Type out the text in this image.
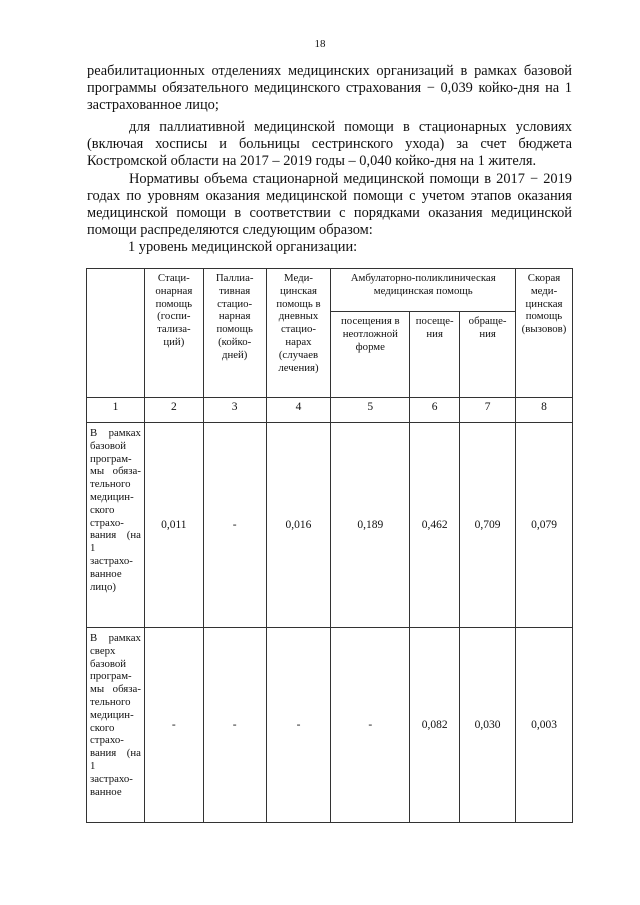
18

реабилитационных отделениях медицинских организаций в рамках базовой программы обязательного медицинского страхования − 0,039 койко-дня на 1 застрахованное лицо;

для паллиативной медицинской помощи в стационарных условиях (включая хосписы и больницы сестринского ухода) за счет бюджета Костромской области на 2017 – 2019 годы – 0,040 койко-дня на 1 жителя.

Нормативы объема стационарной медицинской помощи в 2017 − 2019 годах по уровням оказания медицинской помощи с учетом этапов оказания медицинской помощи в соответствии с порядками оказания медицинской помощи распределяются следующим образом:

1 уровень медицинской организации:

	Стаци-онарная помощь (госпи-тализа-ций)	Паллиа-тивная стацио-нарная помощь (койко-дней)	Меди-цинская помощь в дневных стацио-нарах (случаев лечения)	Амбулаторно-поликлиническая медицинская помощь			Скорая меди-цинская помощь (вызовов)
				посещения в неотложной форме	посеще-ния	обраще-ния	
1	2	3	4	5	6	7	8
В рамках базовой програм-мы обяза-тельного медицин-ского страхо-вания (на 1 застрахо-ванное лицо)	0,011	-	0,016	0,189	0,462	0,709	0,079
В рамках сверх базовой програм-мы обяза-тельного медицин-ского страхо-вания (на 1 застрахо-ванное	-	-	-	-	0,082	0,030	0,003
